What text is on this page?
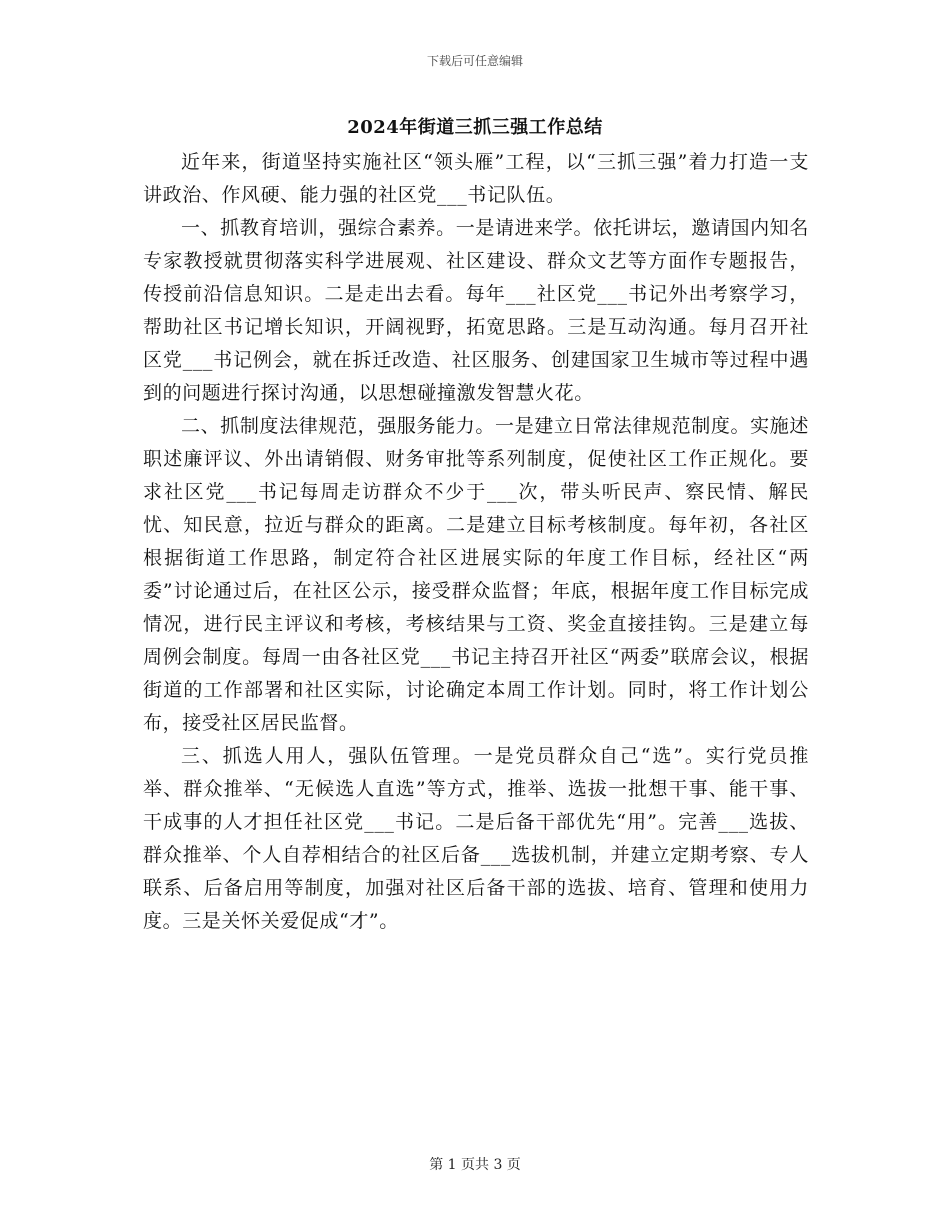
下载后可任意编辑
2024年街道三抓三强工作总结

近年来，街道坚持实施社区“领头雁”工程，以“三抓三强”着力打造一支讲政治、作风硬、能力强的社区党___书记队伍。

一、抓教育培训，强综合素养。一是请进来学。依托讲坛，邀请国内知名专家教授就贯彻落实科学进展观、社区建设、群众文艺等方面作专题报告，传授前沿信息知识。二是走出去看。每年___社区党___书记外出考察学习，帮助社区书记增长知识，开阔视野，拓宽思路。三是互动沟通。每月召开社区党___书记例会，就在拆迁改造、社区服务、创建国家卫生城市等过程中遇到的问题进行探讨沟通，以思想碰撞激发智慧火花。

二、抓制度法律规范，强服务能力。一是建立日常法律规范制度。实施述职述廉评议、外出请销假、财务审批等系列制度，促使社区工作正规化。要求社区党___书记每周走访群众不少于___次，带头听民声、察民情、解民忧、知民意，拉近与群众的距离。二是建立目标考核制度。每年初，各社区根据街道工作思路，制定符合社区进展实际的年度工作目标，经社区“两委”讨论通过后，在社区公示，接受群众监督；年底，根据年度工作目标完成情况，进行民主评议和考核，考核结果与工资、奖金直接挂钩。三是建立每周例会制度。每周一由各社区党___书记主持召开社区“两委”联席会议，根据街道的工作部署和社区实际，讨论确定本周工作计划。同时，将工作计划公布，接受社区居民监督。

三、抓选人用人，强队伍管理。一是党员群众自己“选”。实行党员推举、群众推举、“无候选人直选”等方式，推举、选拔一批想干事、能干事、干成事的人才担任社区党___书记。二是后备干部优先“用”。完善___选拔、群众推举、个人自荐相结合的社区后备___选拔机制，并建立定期考察、专人联系、后备启用等制度，加强对社区后备干部的选拔、培育、管理和使用力度。三是关怀关爱促成“才”。

第 1 页共 3 页
